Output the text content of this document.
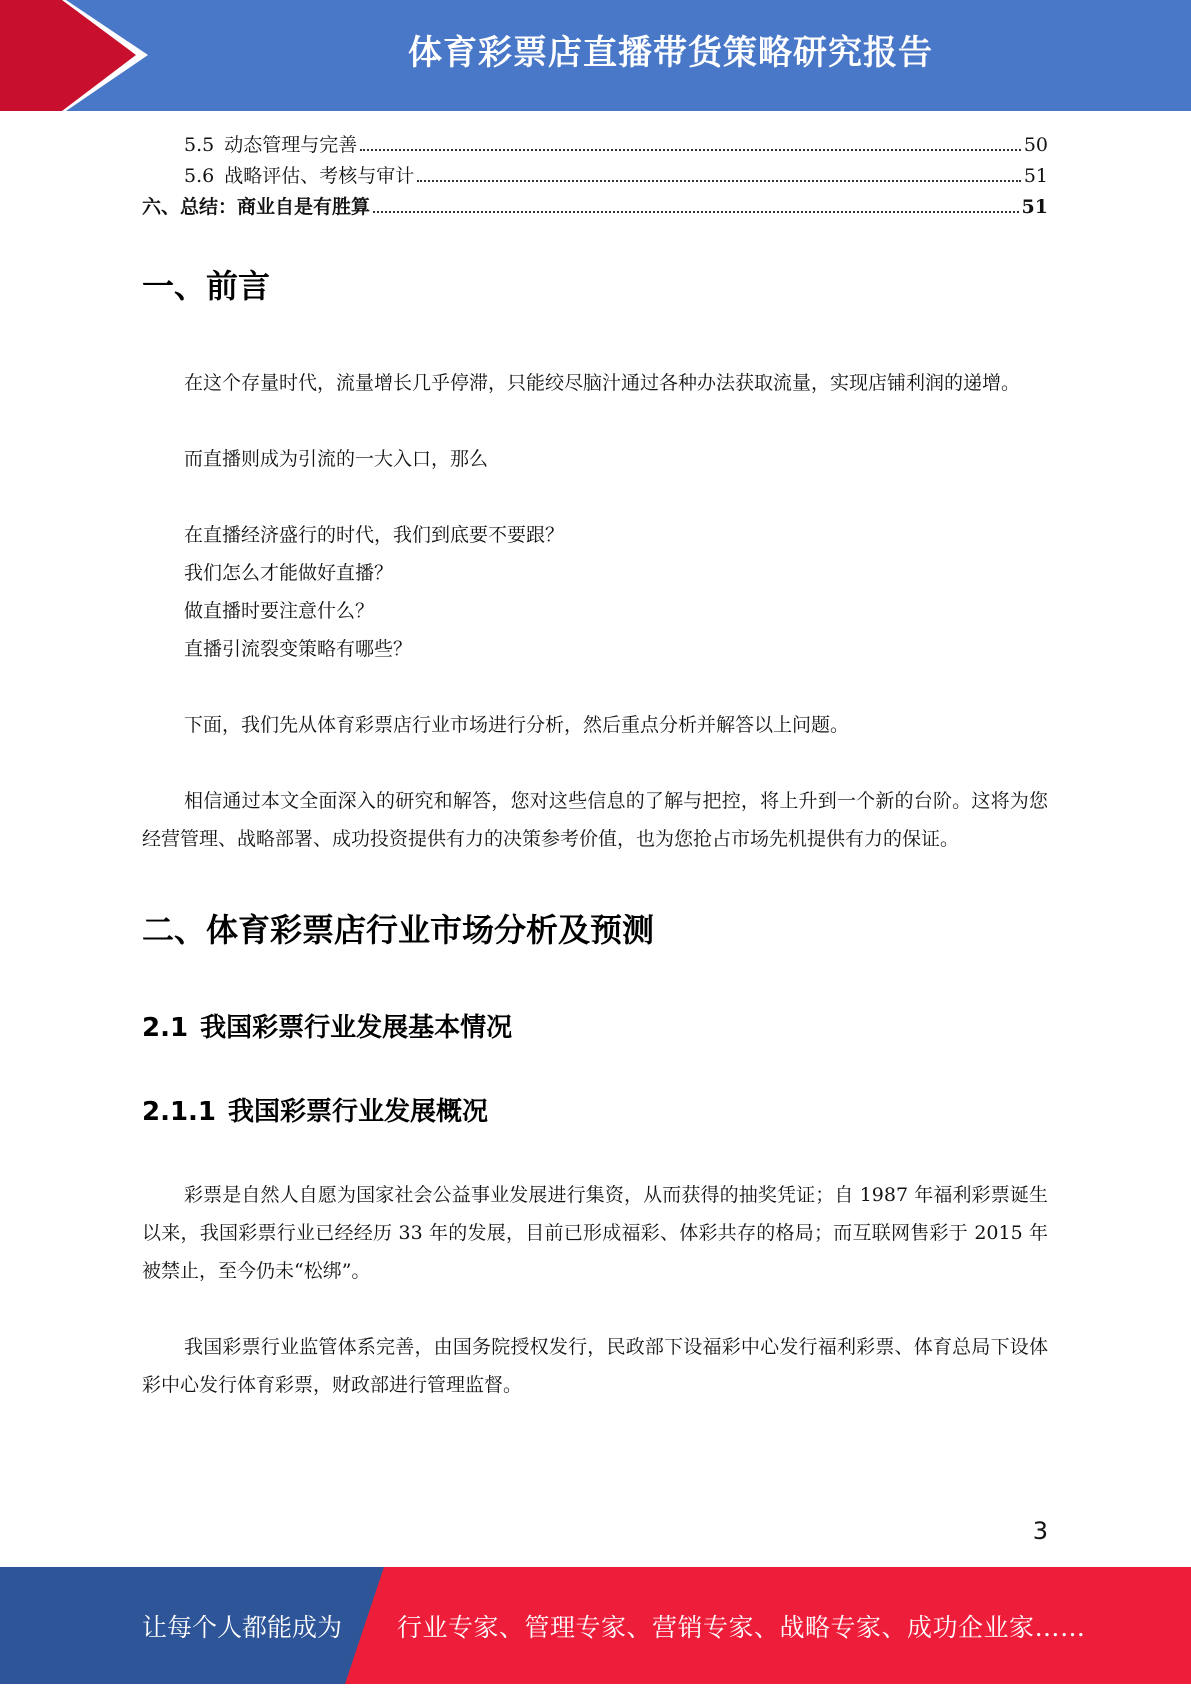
体育彩票店直播带货策略研究报告
5.5 动态管理与完善	50
5.6 战略评估、考核与审计	51
六、总结：商业自是有胜算	51
一、前言

在这个存量时代，流量增长几乎停滞，只能绞尽脑汁通过各种办法获取流量，实现店铺利润的递增。

而直播则成为引流的一大入口，那么

在直播经济盛行的时代，我们到底要不要跟？
我们怎么才能做好直播？
做直播时要注意什么？
直播引流裂变策略有哪些？

下面，我们先从体育彩票店行业市场进行分析，然后重点分析并解答以上问题。

相信通过本文全面深入的研究和解答，您对这些信息的了解与把控，将上升到一个新的台阶。这将为您经营管理、战略部署、成功投资提供有力的决策参考价值，也为您抢占市场先机提供有力的保证。

二、体育彩票店行业市场分析及预测
2.1 我国彩票行业发展基本情况
2.1.1 我国彩票行业发展概况

彩票是自然人自愿为国家社会公益事业发展进行集资，从而获得的抽奖凭证；自 1987 年福利彩票诞生以来，我国彩票行业已经经历 33 年的发展，目前已形成福彩、体彩共存的格局；而互联网售彩于 2015 年被禁止，至今仍未“松绑”。

我国彩票行业监管体系完善，由国务院授权发行，民政部下设福彩中心发行福利彩票、体育总局下设体彩中心发行体育彩票，财政部进行管理监督。

3
让每个人都能成为 行业专家、管理专家、营销专家、战略专家、成功企业家……
